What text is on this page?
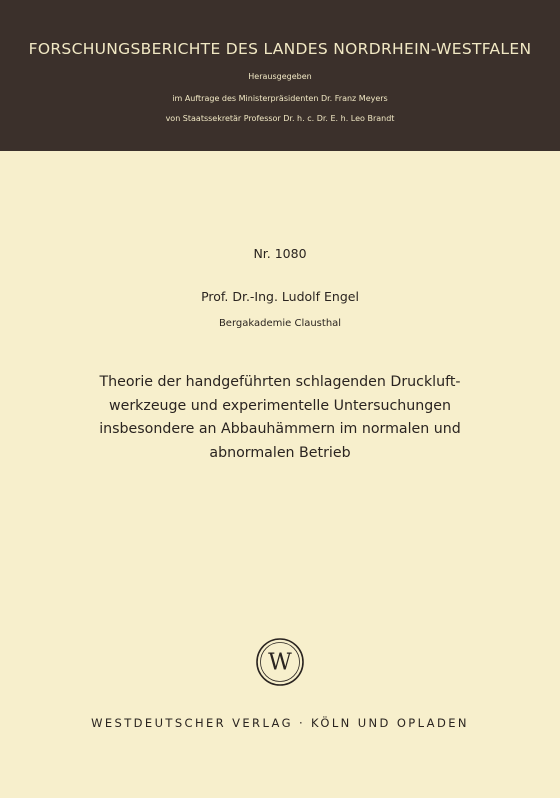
FORSCHUNGSBERICHTE DES LANDES NORDRHEIN-WESTFALEN
Herausgegeben
im Auftrage des Ministerpräsidenten Dr. Franz Meyers
von Staatssekretär Professor Dr. h. c. Dr. E. h. Leo Brandt
Nr. 1080
Prof. Dr.-Ing. Ludolf Engel
Bergakademie Clausthal
Theorie der handgeführten schlagenden Druckluft-
werkzeuge und experimentelle Untersuchungen
insbesondere an Abbauhämmern im normalen und
abnormalen Betrieb
W
WESTDEUTSCHER VERLAG · KÖLN UND OPLADEN
